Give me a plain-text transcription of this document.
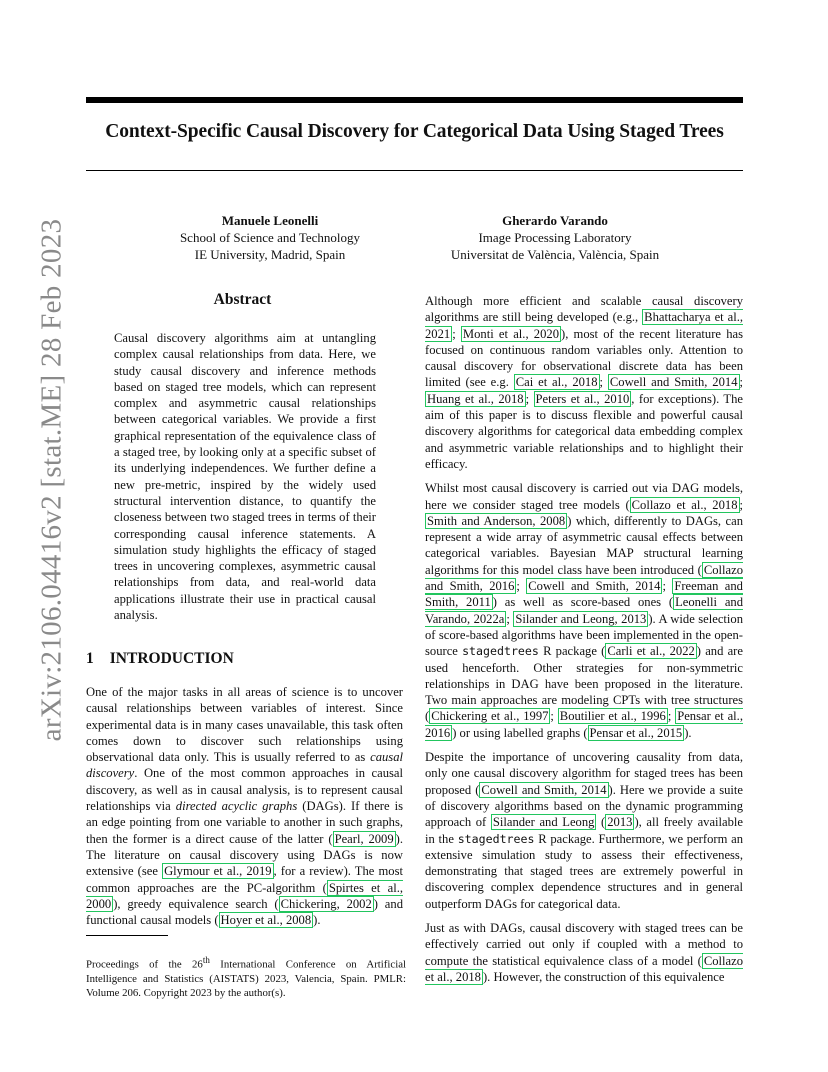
arXiv:2106.04416v2 [stat.ME] 28 Feb 2023
Context-Specific Causal Discovery for Categorical Data Using Staged Trees
Manuele Leonelli
School of Science and Technology
IE University, Madrid, Spain
Gherardo Varando
Image Processing Laboratory
Universitat de València, València, Spain
Abstract
Causal discovery algorithms aim at untangling complex causal relationships from data. Here, we study causal discovery and inference methods based on staged tree models, which can represent complex and asymmetric causal relationships between categorical variables. We provide a first graphical representation of the equivalence class of a staged tree, by looking only at a specific subset of its underlying independences. We further define a new pre-metric, inspired by the widely used structural intervention distance, to quantify the closeness between two staged trees in terms of their corresponding causal inference statements. A simulation study highlights the efficacy of staged trees in uncovering complexes, asymmetric causal relationships from data, and real-world data applications illustrate their use in practical causal analysis.
1 INTRODUCTION
One of the major tasks in all areas of science is to uncover causal relationships between variables of interest. Since experimental data is in many cases unavailable, this task often comes down to discover such relationships using observational data only. This is usually referred to as causal discovery. One of the most common approaches in causal discovery, as well as in causal analysis, is to represent causal relationships via directed acyclic graphs (DAGs). If there is an edge pointing from one variable to another in such graphs, then the former is a direct cause of the latter ( Pearl, 2009 ). The literature on causal discovery using DAGs is now extensive (see Glymour et al., 2019 , for a review). The most common approaches are the PC-algorithm ( Spirtes et al., 2000 ), greedy equivalence search ( Chickering, 2002 ) and functional causal models ( Hoyer et al., 2008 ).
Proceedings of the 26th International Conference on Artificial Intelligence and Statistics (AISTATS) 2023, Valencia, Spain. PMLR: Volume 206. Copyright 2023 by the author(s).

Although more efficient and scalable causal discovery algorithms are still being developed (e.g., Bhattacharya et al., 2021 ; Monti et al., 2020 ), most of the recent literature has focused on continuous random variables only. Attention to causal discovery for observational discrete data has been limited (see e.g. Cai et al., 2018 ; Cowell and Smith, 2014 ; Huang et al., 2018 ; Peters et al., 2010 , for exceptions). The aim of this paper is to discuss flexible and powerful causal discovery algorithms for categorical data embedding complex and asymmetric variable relationships and to highlight their efficacy.

Whilst most causal discovery is carried out via DAG models, here we consider staged tree models ( Collazo et al., 2018 ; Smith and Anderson, 2008 ) which, differently to DAGs, can represent a wide array of asymmetric causal effects between categorical variables. Bayesian MAP structural learning algorithms for this model class have been introduced ( Collazo and Smith, 2016 ; Cowell and Smith, 2014 ; Freeman and Smith, 2011 ) as well as score-based ones ( Leonelli and Varando, 2022a ; Silander and Leong, 2013 ). A wide selection of score-based algorithms have been implemented in the open-source stagedtrees R package ( Carli et al., 2022 ) and are used henceforth. Other strategies for non-symmetric relationships in DAG have been proposed in the literature. Two main approaches are modeling CPTs with tree structures ( Chickering et al., 1997 ; Boutilier et al., 1996 ; Pensar et al., 2016 ) or using labelled graphs ( Pensar et al., 2015 ).

Despite the importance of uncovering causality from data, only one causal discovery algorithm for staged trees has been proposed ( Cowell and Smith, 2014 ). Here we provide a suite of discovery algorithms based on the dynamic programming approach of Silander and Leong ( 2013 ), all freely available in the stagedtrees R package. Furthermore, we perform an extensive simulation study to assess their effectiveness, demonstrating that staged trees are extremely powerful in discovering complex dependence structures and in general outperform DAGs for categorical data.

Just as with DAGs, causal discovery with staged trees can be effectively carried out only if coupled with a method to compute the statistical equivalence class of a model ( Collazo et al., 2018 ). However, the construction of this equivalence
